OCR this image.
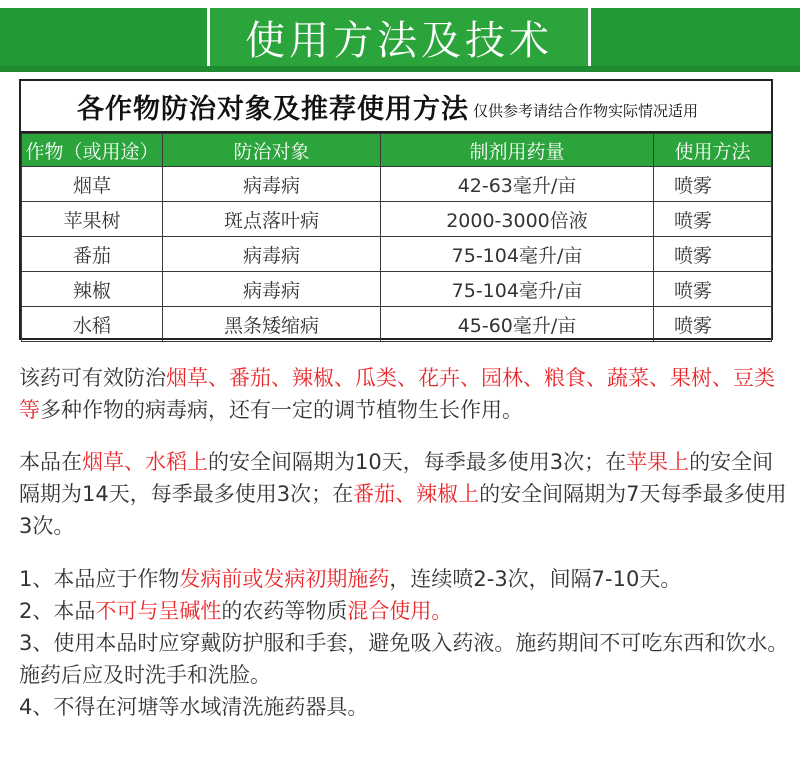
使用方法及技术
各作物防治对象及推荐使用方法 仅供参考请结合作物实际情况适用
作物（或用途）	防治对象	制剂用药量	使用方法
烟草	病毒病	42-63毫升/亩	喷雾
苹果树	斑点落叶病	2000-3000倍液	喷雾
番茄	病毒病	75-104毫升/亩	喷雾
辣椒	病毒病	75-104毫升/亩	喷雾
水稻	黑条矮缩病	45-60毫升/亩	喷雾
该药可有效防治烟草、番茄、辣椒、瓜类、花卉、园林、粮食、蔬菜、果树、豆类等多种作物的病毒病，还有一定的调节植物生长作用。
本品在烟草、水稻上的安全间隔期为10天，每季最多使用3次；在苹果上的安全间隔期为14天，每季最多使用3次；在番茄、辣椒上的安全间隔期为7天每季最多使用3次。
1、本品应于作物发病前或发病初期施药，连续喷2-3次，间隔7-10天。
2、本品不可与呈碱性的农药等物质混合使用。
3、使用本品时应穿戴防护服和手套，避免吸入药液。施药期间不可吃东西和饮水。施药后应及时洗手和洗脸。
4、不得在河塘等水域清洗施药器具。
